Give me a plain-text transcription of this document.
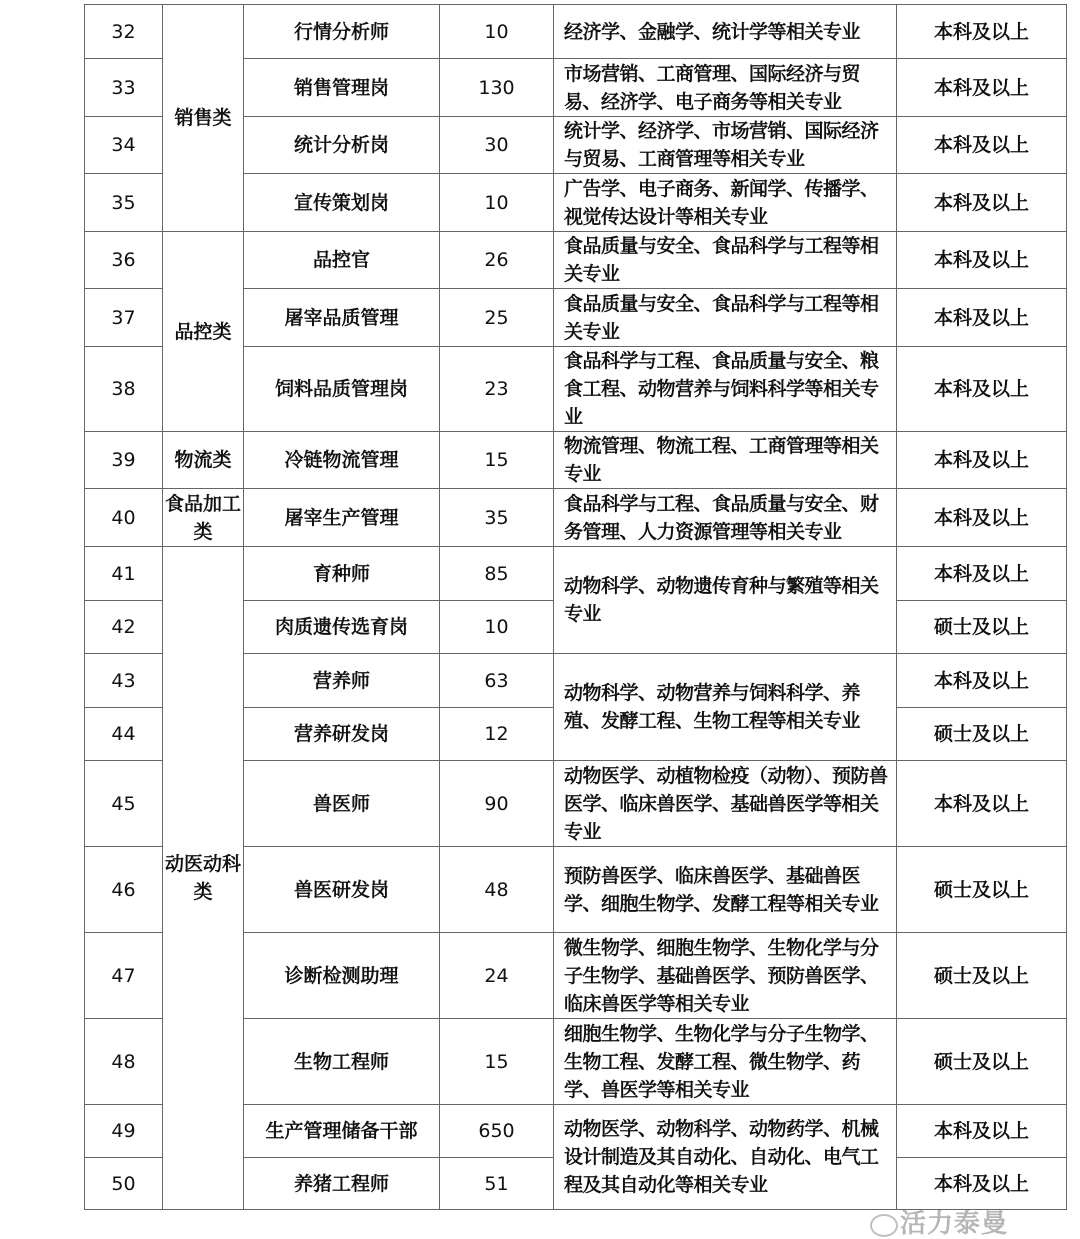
32	销售类	行情分析师	10	经济学、金融学、统计学等相关专业	本科及以上
33		销售管理岗	130	市场营销、工商管理、国际经济与贸易、经济学、电子商务等相关专业	本科及以上
34		统计分析岗	30	统计学、经济学、市场营销、国际经济与贸易、工商管理等相关专业	本科及以上
35		宣传策划岗	10	广告学、电子商务、新闻学、传播学、视觉传达设计等相关专业	本科及以上
36	品控类	品控官	26	食品质量与安全、食品科学与工程等相关专业	本科及以上
37		屠宰品质管理	25	食品质量与安全、食品科学与工程等相关专业	本科及以上
38		饲料品质管理岗	23	食品科学与工程、食品质量与安全、粮食工程、动物营养与饲料科学等相关专业	本科及以上
39	物流类	冷链物流管理	15	物流管理、物流工程、工商管理等相关专业	本科及以上
40	食品加工类	屠宰生产管理	35	食品科学与工程、食品质量与安全、财务管理、人力资源管理等相关专业	本科及以上
41	动医动科类	育种师	85	动物科学、动物遗传育种与繁殖等相关专业	本科及以上
42		肉质遗传选育岗	10		硕士及以上
43		营养师	63	动物科学、动物营养与饲料科学、养殖、发酵工程、生物工程等相关专业	本科及以上
44		营养研发岗	12		硕士及以上
45		兽医师	90	动物医学、动植物检疫（动物）、预防兽医学、临床兽医学、基础兽医学等相关专业	本科及以上
46		兽医研发岗	48	预防兽医学、临床兽医学、基础兽医学、细胞生物学、发酵工程等相关专业	硕士及以上
47		诊断检测助理	24	微生物学、细胞生物学、生物化学与分子生物学、基础兽医学、预防兽医学、临床兽医学等相关专业	硕士及以上
48		生物工程师	15	细胞生物学、生物化学与分子生物学、生物工程、发酵工程、微生物学、药学、兽医学等相关专业	硕士及以上
49		生产管理储备干部	650	动物医学、动物科学、动物药学、机械设计制造及其自动化、自动化、电气工程及其自动化等相关专业	本科及以上
50		养猪工程师	51		本科及以上
活力泰曼
